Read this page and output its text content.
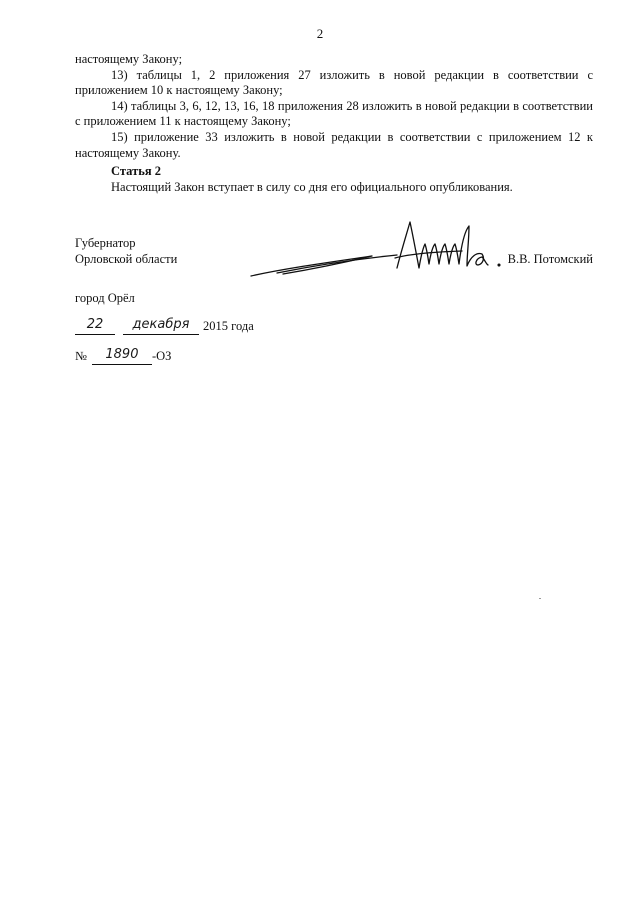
2

настоящему Закону;

13) таблицы 1, 2 приложения 27 изложить в новой редакции в соответствии с приложением 10 к настоящему Закону;

14) таблицы 3, 6, 12, 13, 16, 18 приложения 28 изложить в новой редакции в соответствии с приложением 11 к настоящему Закону;

15) приложение 33 изложить в новой редакции в соответствии с приложением 12 к настоящему Закону.

Статья 2

Настоящий Закон вступает в силу со дня его официального опубликования.

Губернатор
Орловской области	В.В. Потомский
город Орёл
22	декабря	2015 года
№	1890	-ОЗ
